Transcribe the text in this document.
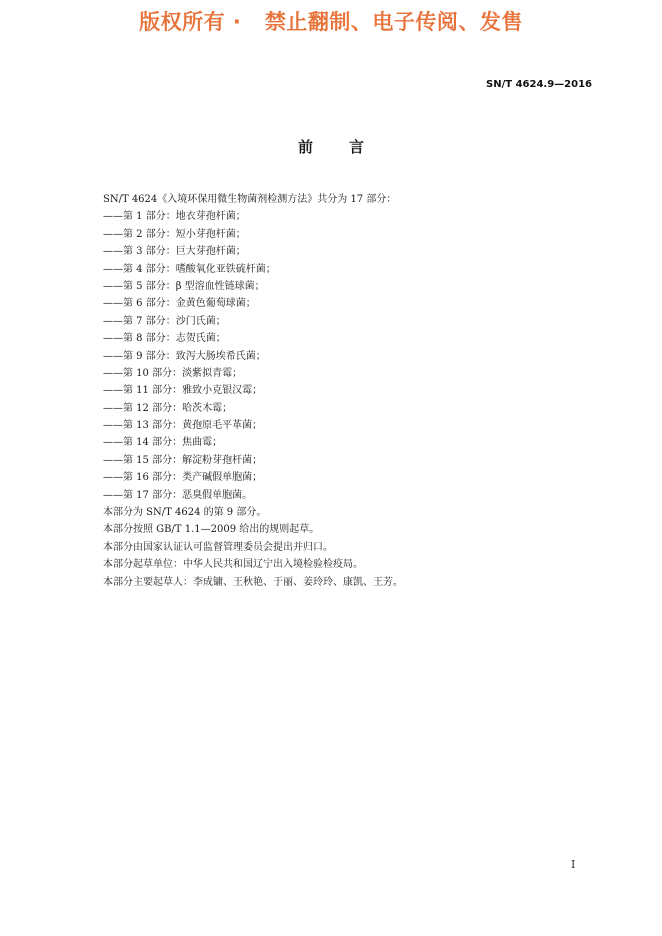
版权所有 ·   禁止翻制、电子传阅、发售
SN/T 4624.9—2016
前言
SN/T 4624《入境环保用微生物菌剂检测方法》共分为 17 部分：
——第 1 部分：地衣芽孢杆菌；
——第 2 部分：短小芽孢杆菌；
——第 3 部分：巨大芽孢杆菌；
——第 4 部分：嗜酸氧化亚铁硫杆菌；
——第 5 部分：β 型溶血性链球菌；
——第 6 部分：金黄色葡萄球菌；
——第 7 部分：沙门氏菌；
——第 8 部分：志贺氏菌；
——第 9 部分：致泻大肠埃希氏菌；
——第 10 部分：淡紫拟青霉；
——第 11 部分：雅致小克银汉霉；
——第 12 部分：哈茨木霉；
——第 13 部分：黄孢原毛平革菌；
——第 14 部分：焦曲霉；
——第 15 部分：解淀粉芽孢杆菌；
——第 16 部分：类产碱假单胞菌；
——第 17 部分：恶臭假单胞菌。
本部分为 SN/T 4624 的第 9 部分。
本部分按照 GB/T 1.1—2009 给出的规则起草。
本部分由国家认证认可监督管理委员会提出并归口。
本部分起草单位：中华人民共和国辽宁出入境检验检疫局。
本部分主要起草人：李成镛、王秋艳、于丽、姜玲玲、康凯、王芳。
I
